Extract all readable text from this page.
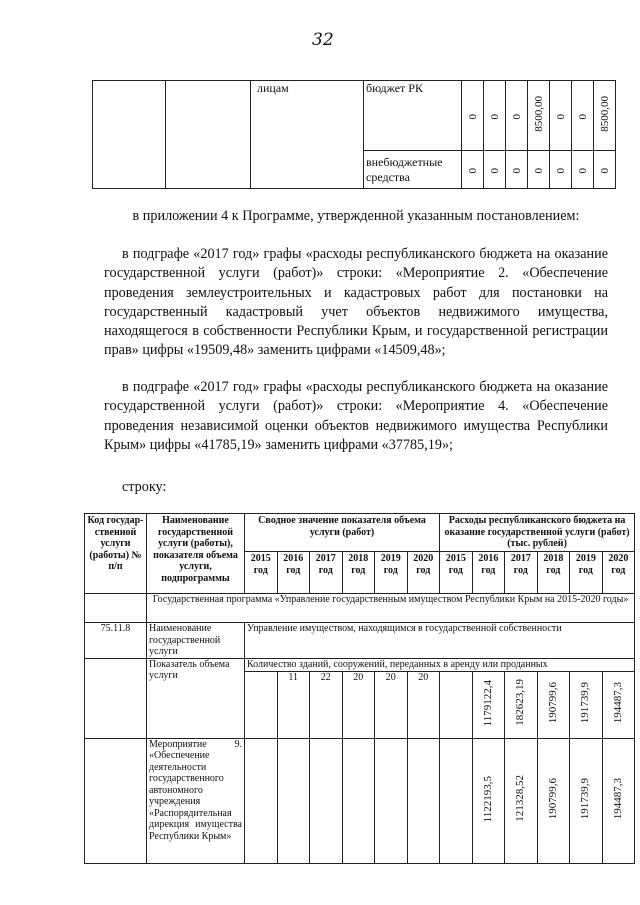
32
		лицам	бюджет РК	0	0	0	8500,00	0	0	8500,00
			внебюджетные средства	0	0	0	0	0	0	0
в приложении 4 к Программе, утвержденной указанным постановлением:
в подграфе «2017 год» графы «расходы республиканского бюджета на оказание государственной услуги (работ)» строки: «Мероприятие 2. «Обеспечение проведения землеустроительных и кадастровых работ для постановки на государственный кадастровый учет объектов недвижимого имущества, находящегося в собственности Республики Крым, и государственной регистрации прав» цифры «19509,48» заменить цифрами «14509,48»;
в подграфе «2017 год» графы «расходы республиканского бюджета на оказание государственной услуги (работ)» строки: «Мероприятие 4. «Обеспечение проведения независимой оценки объектов недвижимого имущества Республики Крым» цифры «41785,19» заменить цифрами «37785,19»;
строку:
Код государ-ственной услуги (работы) № п/п	Наименование государственной услуги (работы), показателя объема услуги, подпрограммы	Сводное значение показателя объема услуги (работ)						Расходы республиканского бюджета на оказание государственной услуги (работ) (тыс. рублей)					
		2015 год	2016 год	2017 год	2018 год	2019 год	2020 год	2015 год	2016 год	2017 год	2018 год	2019 год	2020 год
	Государственная программа «Управление государственным имуществом Республики Крым на 2015-2020 годы»												
75.11.8	Наименование государственной услуги	Управление имуществом, находящимся в государственной собственности											
	Показатель объема услуги	Количество зданий, сооружений, переданных в аренду или проданных											
			11	22	20	20	20		1179122,4	182623,19	190799,6	191739,9	194487,3
	Мероприятие 9. «Обеспечение деятельности государственного автономного учреждения «Распорядительная дирекция имущества Республики Крым»								1122193,5	121328,52	190799,6	191739,9	194487,3
